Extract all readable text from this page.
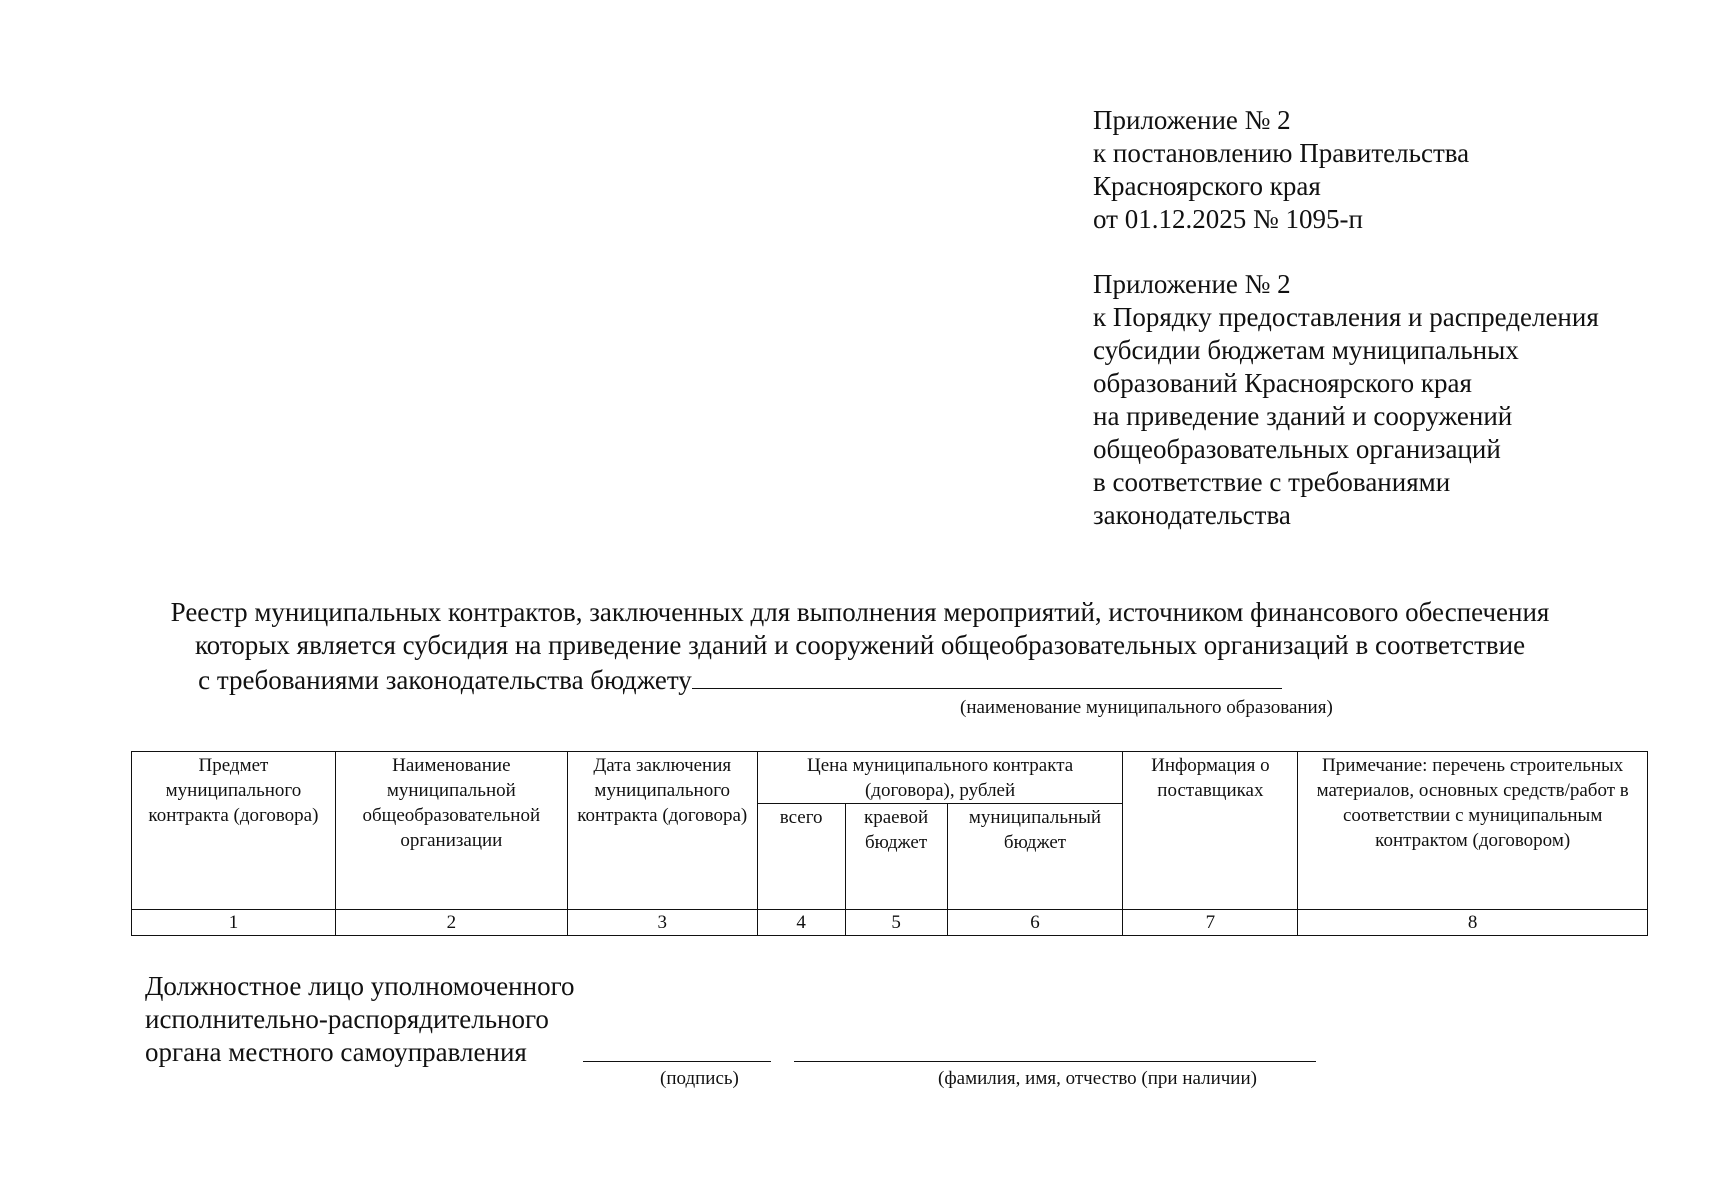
Приложение № 2
к постановлению Правительства
Красноярского края
от 01.12.2025 № 1095-п
Приложение № 2
к Порядку предоставления и распределения
субсидии бюджетам муниципальных
образований Красноярского края
на приведение зданий и сооружений
общеобразовательных организаций
в соответствие с требованиями
законодательства
Реестр муниципальных контрактов, заключенных для выполнения мероприятий, источником финансового обеспечения
которых является субсидия на приведение зданий и сооружений общеобразовательных организаций в соответствие
с требованиями законодательства бюджету
(наименование муниципального образования)
Предмет муниципального контракта (договора)	Наименование муниципальной общеобразовательной организации	Дата заключения муниципального контракта (договора)	Цена муниципального контракта (договора), рублей			Информация о поставщиках	Примечание: перечень строительных материалов, основных средств/работ в соответствии с муниципальным контрактом (договором)
			всего	краевой бюджет	муниципальный бюджет		
1	2	3	4	5	6	7	8
Должностное лицо уполномоченного
исполнительно-распорядительного
органа местного самоуправления
(подпись)	(фамилия, имя, отчество (при наличии)
